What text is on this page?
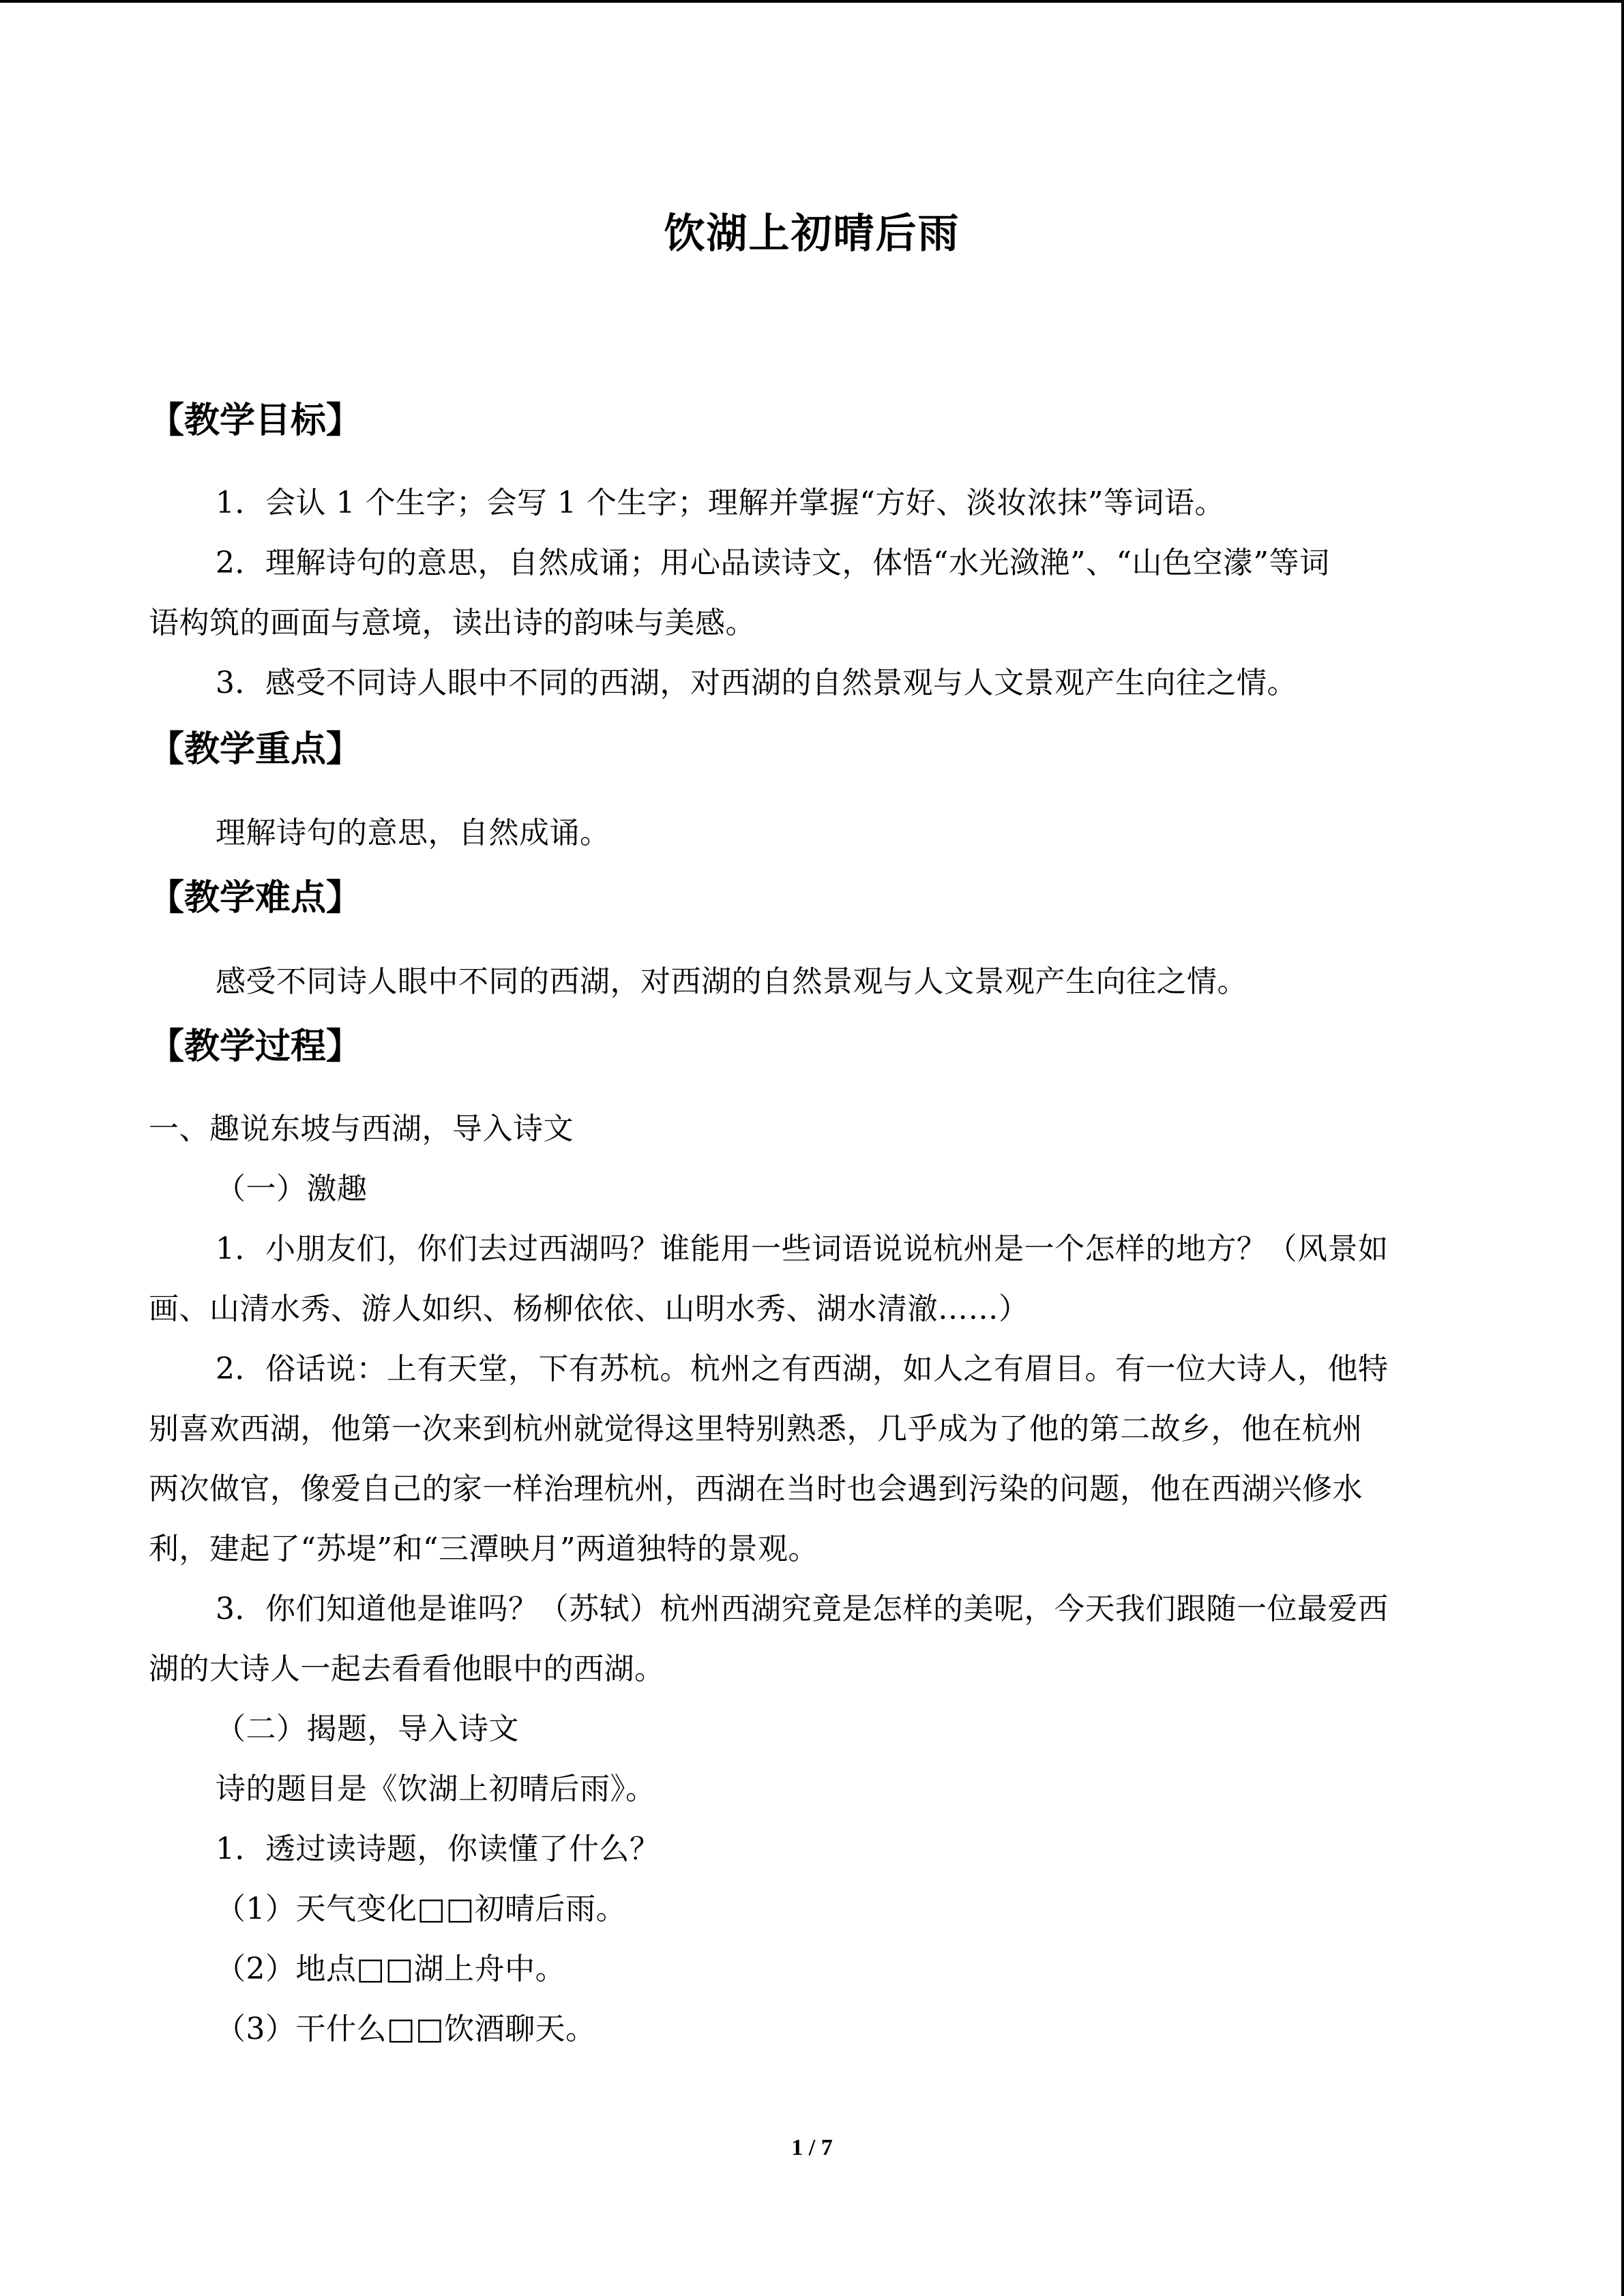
饮湖上初晴后雨
【教学目标】
1．会认 1 个生字；会写 1 个生字；理解并掌握“方好、淡妆浓抹”等词语。
2．理解诗句的意思，自然成诵；用心品读诗文，体悟“水光潋滟”、“山色空濛”等词
语构筑的画面与意境，读出诗的韵味与美感。
3．感受不同诗人眼中不同的西湖，对西湖的自然景观与人文景观产生向往之情。
【教学重点】
理解诗句的意思，自然成诵。
【教学难点】
感受不同诗人眼中不同的西湖，对西湖的自然景观与人文景观产生向往之情。
【教学过程】
一、趣说东坡与西湖，导入诗文
（一）激趣
1．小朋友们，你们去过西湖吗？谁能用一些词语说说杭州是一个怎样的地方？（风景如
画、山清水秀、游人如织、杨柳依依、山明水秀、湖水清澈……）
2．俗话说：上有天堂，下有苏杭。杭州之有西湖，如人之有眉目。有一位大诗人，他特
别喜欢西湖，他第一次来到杭州就觉得这里特别熟悉，几乎成为了他的第二故乡，他在杭州
两次做官，像爱自己的家一样治理杭州，西湖在当时也会遇到污染的问题，他在西湖兴修水
利，建起了“苏堤”和“三潭映月”两道独特的景观。
3．你们知道他是谁吗？（苏轼）杭州西湖究竟是怎样的美呢，今天我们跟随一位最爱西
湖的大诗人一起去看看他眼中的西湖。
（二）揭题，导入诗文
诗的题目是《饮湖上初晴后雨》。
1．透过读诗题，你读懂了什么？
（1）天气变化□□初晴后雨。
（2）地点□□湖上舟中。
（3）干什么□□饮酒聊天。
1 / 7
